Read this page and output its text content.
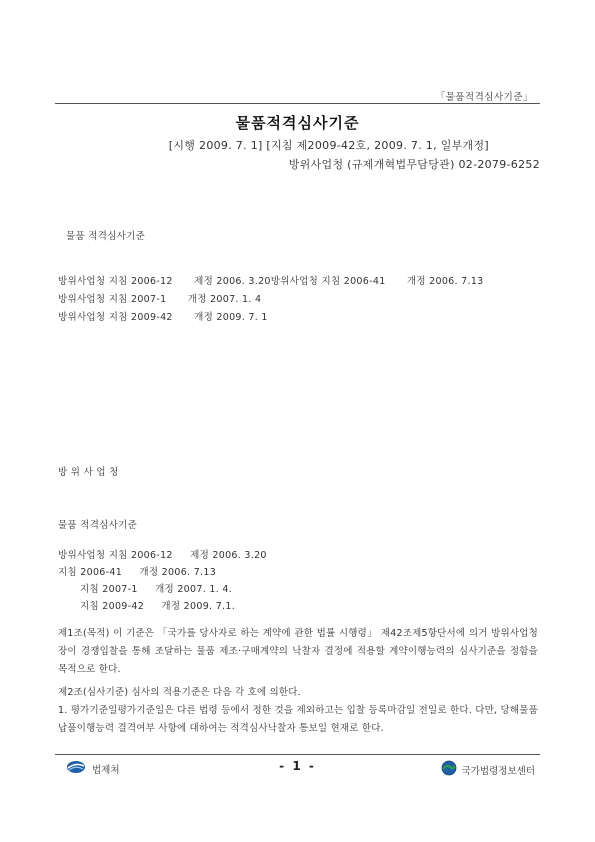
「물품적격심사기준」
물품적격심사기준
[시행 2009. 7. 1] [지침 제2009-42호, 2009. 7. 1, 일부개정]
방위사업청 (규제개혁법무담당관) 02-2079-6252
물품 적격심사기준
방위사업청 지침 2006-12 제정 2006. 3.20방위사업청 지침 2006-41 개정 2006. 7.13
방위사업청 지침 2007-1 개정 2007. 1. 4
방위사업청 지침 2009-42 개정 2009. 7. 1
방 위 사 업 청
물품 적격심사기준
방위사업청 지침 2006-12 제정 2006. 3.20
지침 2006-41 개정 2006. 7.13
지침 2007-1 개정 2007. 1. 4.
지침 2009-42 개정 2009. 7.1.
제1조(목적) 이 기준은 「국가를 당사자로 하는 계약에 관한 법률 시행령」 제42조제5항단서에 의거 방위사업청장이 경쟁입찰을 통해 조달하는 물품 제조·구매계약의 낙찰자 결정에 적용할 계약이행능력의 심사기준을 정함을 목적으로 한다.
제2조(심사기준) 심사의 적용기준은 다음 각 호에 의한다.
1. 평가기준일평가기준일은 다른 법령 등에서 정한 것을 제외하고는 입찰 등록마감일 전일로 한다. 다만, 당해물품 납품이행능력 결격여부 사항에 대하여는 적격심사낙찰자 통보일 현재로 한다.
법제처	- 1 -	국가법령정보센터
